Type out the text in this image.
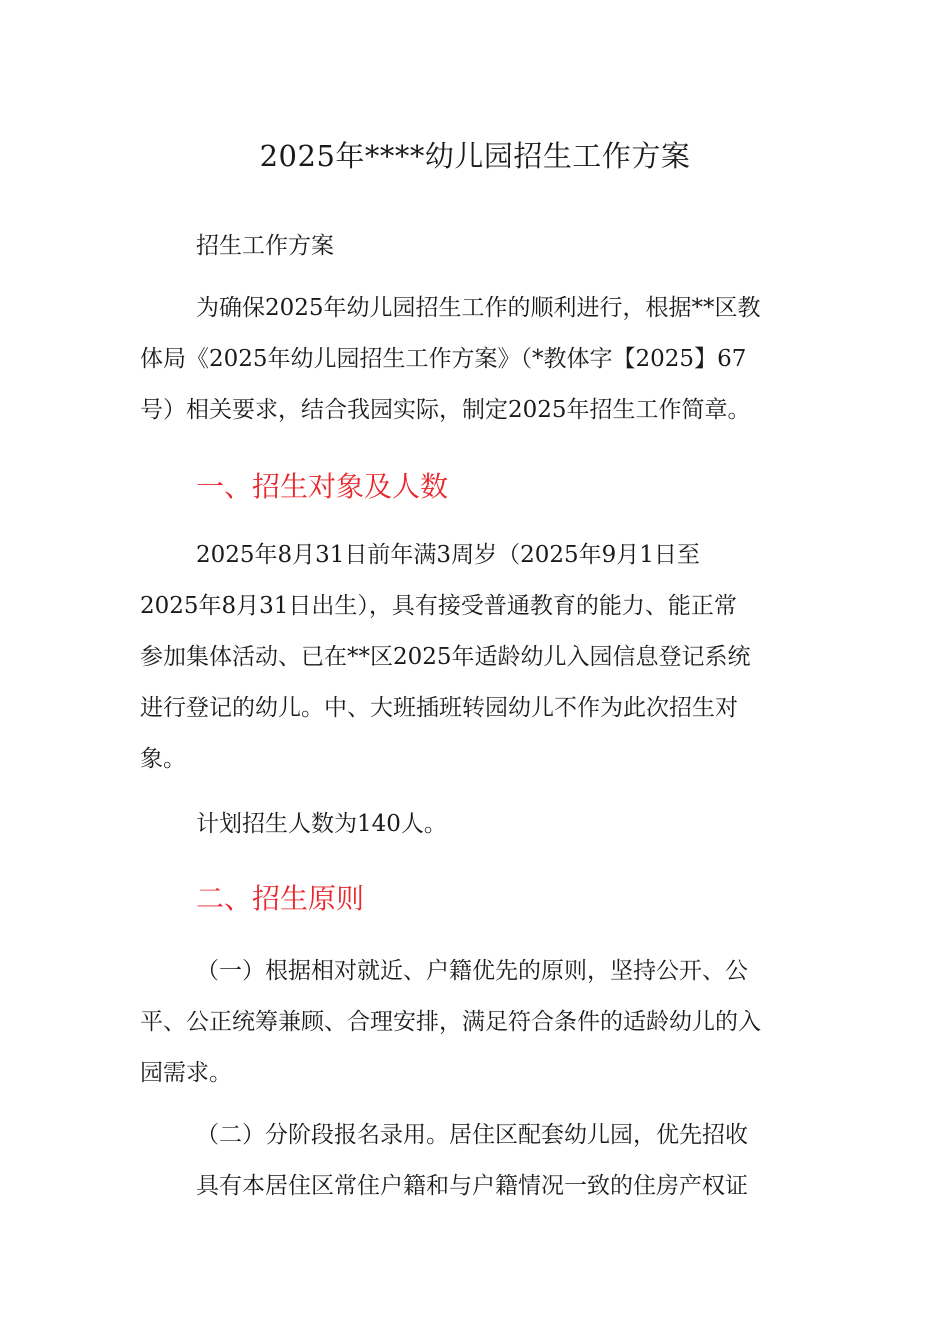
2025年****幼儿园招生工作方案
招生工作方案
为确保2025年幼儿园招生工作的顺利进行，根据**区教
体局《2025年幼儿园招生工作方案》（*教体字【2025】67
号）相关要求，结合我园实际，制定2025年招生工作简章。
一、招生对象及人数
2025年8月31日前年满3周岁（2025年9月1日至
2025年8月31日出生），具有接受普通教育的能力、能正常
参加集体活动、已在**区2025年适龄幼儿入园信息登记系统
进行登记的幼儿。中、大班插班转园幼儿不作为此次招生对
象。
计划招生人数为140人。
二、招生原则
（一）根据相对就近、户籍优先的原则，坚持公开、公
平、公正统筹兼顾、合理安排，满足符合条件的适龄幼儿的入
园需求。
（二）分阶段报名录用。居住区配套幼儿园，优先招收
具有本居住区常住户籍和与户籍情况一致的住房产权证
